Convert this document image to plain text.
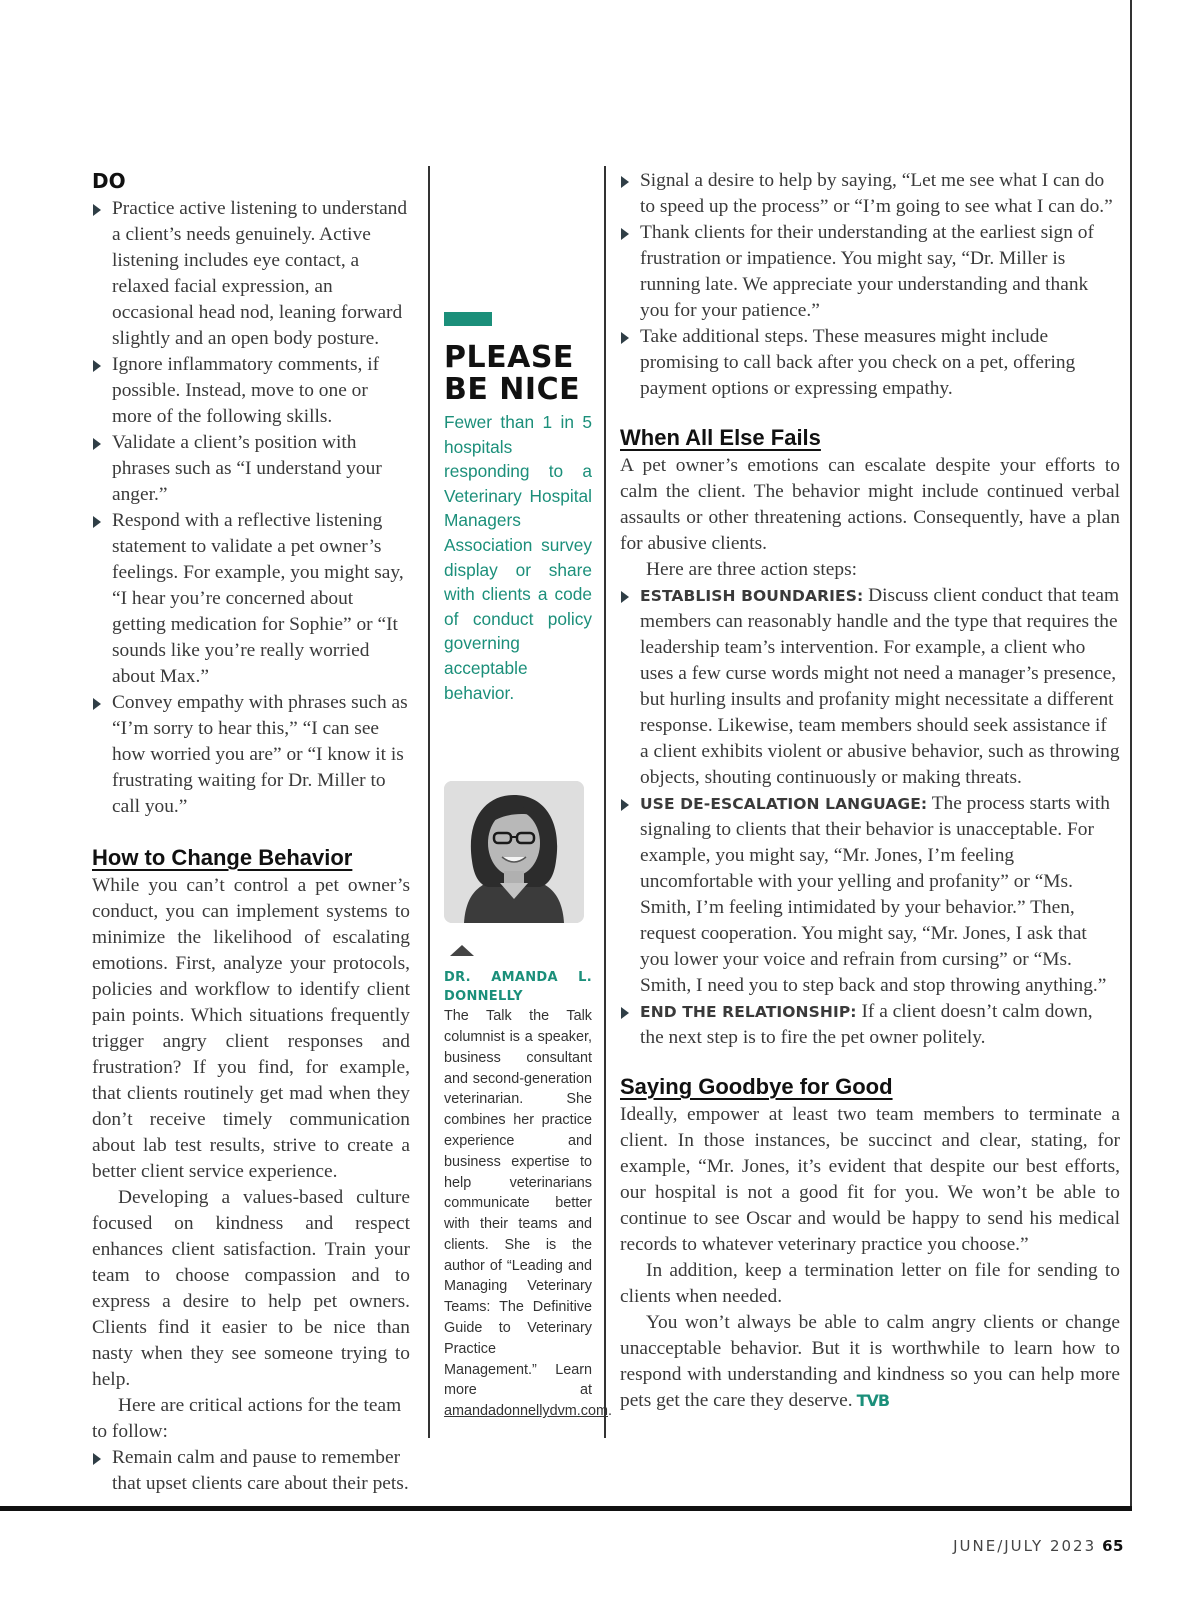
DO

Practice active listening to understand a client’s needs genuinely. Active listening includes eye contact, a relaxed facial expression, an occasional head nod, leaning forward slightly and an open body posture.

Ignore inflammatory comments, if possible. Instead, move to one or more of the following skills.

Validate a client’s position with phrases such as “I understand your anger.”

Respond with a reflective listening statement to validate a pet owner’s feelings. For example, you might say, “I hear you’re concerned about getting medication for Sophie” or “It sounds like you’re really worried about Max.”

Convey empathy with phrases such as “I’m sorry to hear this,” “I can see how worried you are” or “I know it is frustrating waiting for Dr. Miller to call you.”

How to Change Behavior

While you can’t control a pet owner’s conduct, you can implement systems to minimize the likelihood of escalating emotions. First, analyze your protocols, policies and workflow to identify client pain points. Which situations frequently trigger angry client responses and frustration? If you find, for example, that clients routinely get mad when they don’t receive timely communication about lab test results, strive to create a better client service experience.

Developing a values-based culture focused on kindness and respect enhances client satisfaction. Train your team to choose compassion and to express a desire to help pet owners. Clients find it easier to be nice than nasty when they see someone trying to help.

Here are critical actions for the team to follow:

Remain calm and pause to remember that upset clients care about their pets.

PLEASE
BE NICE

Fewer than 1 in 5 hospitals responding to a Veterinary Hospital Managers Association survey display or share with clients a code of conduct policy governing acceptable behavior.

DR. AMANDA L. DONNELLY

The Talk the Talk columnist is a speaker, business consultant and second-generation veterinarian. She combines her practice experience and business expertise to help veterinarians communicate better with their teams and clients. She is the author of “Leading and Managing Veterinary Teams: The Definitive Guide to Veterinary Practice Management.” Learn more at amandadonnellydvm.com.

Signal a desire to help by saying, “Let me see what I can do to speed up the process” or “I’m going to see what I can do.”

Thank clients for their understanding at the earliest sign of frustration or impatience. You might say, “Dr. Miller is running late. We appreciate your understanding and thank you for your patience.”

Take additional steps. These measures might include promising to call back after you check on a pet, offering payment options or expressing empathy.

When All Else Fails

A pet owner’s emotions can escalate despite your efforts to calm the client. The behavior might include continued verbal assaults or other threatening actions. Consequently, have a plan for abusive clients.

Here are three action steps:

ESTABLISH BOUNDARIES: Discuss client conduct that team members can reasonably handle and the type that requires the leadership team’s intervention. For example, a client who uses a few curse words might not need a manager’s presence, but hurling insults and profanity might necessitate a different response. Likewise, team members should seek assistance if a client exhibits violent or abusive behavior, such as throwing objects, shouting continuously or making threats.

USE DE-ESCALATION LANGUAGE: The process starts with signaling to clients that their behavior is unacceptable. For example, you might say, “Mr. Jones, I’m feeling uncomfortable with your yelling and profanity” or “Ms. Smith, I’m feeling intimidated by your behavior.” Then, request cooperation. You might say, “Mr. Jones, I ask that you lower your voice and refrain from cursing” or “Ms. Smith, I need you to step back and stop throwing anything.”

END THE RELATIONSHIP: If a client doesn’t calm down, the next step is to fire the pet owner politely.

Saying Goodbye for Good

Ideally, empower at least two team members to terminate a client. In those instances, be succinct and clear, stating, for example, “Mr. Jones, it’s evident that despite our best efforts, our hospital is not a good fit for you. We won’t be able to continue to see Oscar and would be happy to send his medical records to whatever veterinary practice you choose.”

In addition, keep a termination letter on file for sending to clients when needed.

You won’t always be able to calm angry clients or change unacceptable behavior. But it is worthwhile to learn how to respond with understanding and kindness so you can help more pets get the care they deserve. TVB

JUNE/JULY 2023 65
